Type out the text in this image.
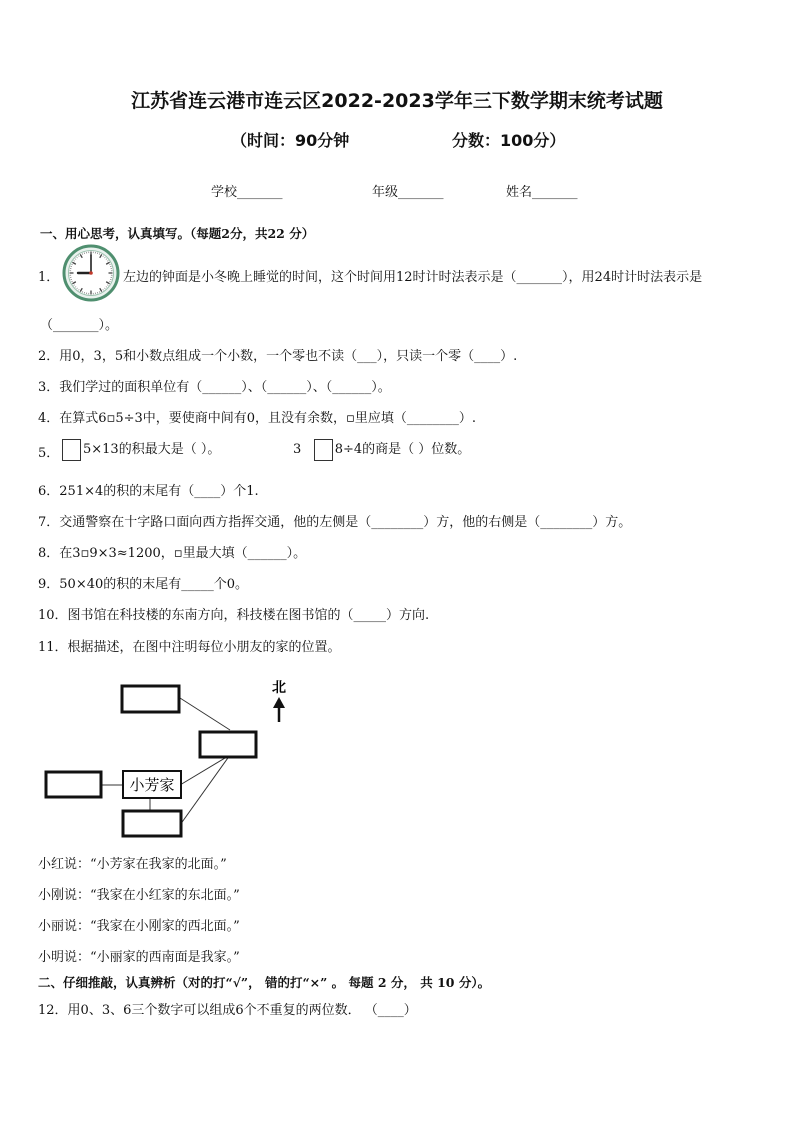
江苏省连云港市连云区2022-2023学年三下数学期末统考试题
（时间：90分钟	分数：100分）
学校_______	年级_______	姓名_______
一、用心思考，认真填写。（每题2分，共22 分）
1．	左边的钟面是小冬晚上睡觉的时间，这个时间用12时计时法表示是（_______），用24时计时法表示是
（_______）。
2．用0，3，5和小数点组成一个小数，一个零也不读（___），只读一个零（____）.
3．我们学过的面积单位有（______）、（______）、（______）。
4．在算式6▫5÷3中，要使商中间有0，且没有余数，▫里应填（________）.
5．	5×13的积最大是（ ）。	3	8÷4的商是（ ）位数。
6．251×4的积的末尾有（____）个1.
7．交通警察在十字路口面向西方指挥交通，他的左侧是（________）方，他的右侧是（________）方。
8．在3▫9×3≈1200，▫里最大填（______）。
9．50×40的积的末尾有_____个0。
10．图书馆在科技楼的东南方向，科技楼在图书馆的（_____）方向.
11．根据描述，在图中注明每位小朋友的家的位置。
小芳家
北
小红说：“小芳家在我家的北面。”
小刚说：“我家在小红家的东北面。”
小丽说：“我家在小刚家的西北面。”
小明说：“小丽家的西南面是我家。”
二、仔细推敲，认真辨析（对的打“√”， 错的打“×” 。 每题 2 分， 共 10 分）。
12．用0、3、6三个数字可以组成6个不重复的两位数． （____）
